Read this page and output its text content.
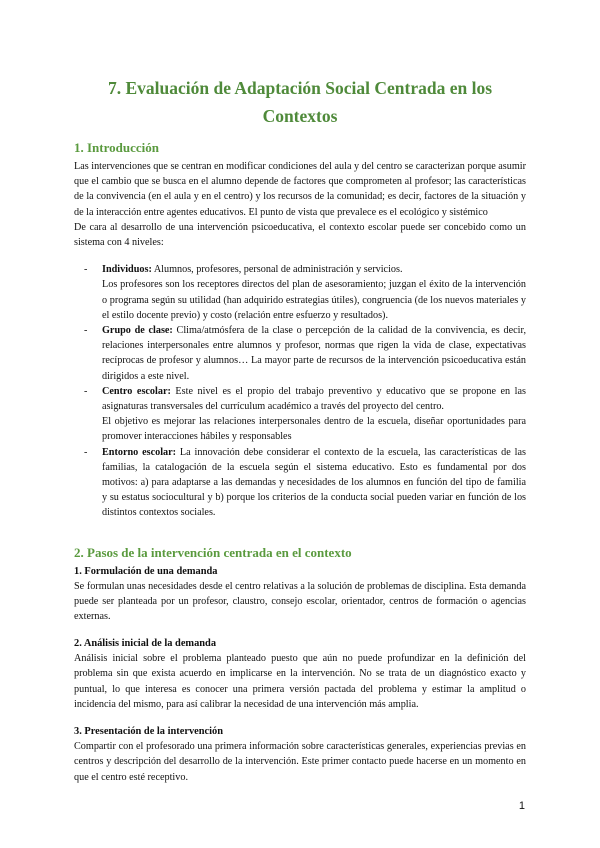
7. Evaluación de Adaptación Social Centrada en los
Contextos
1. Introducción

Las intervenciones que se centran en modificar condiciones del aula y del centro se caracterizan porque asumir que el cambio que se busca en el alumno depende de factores que comprometen al profesor; las características de la convivencia (en el aula y en el centro) y los recursos de la comunidad; es decir, factores de la situación y de la interacción entre agentes educativos. El punto de vista que prevalece es el ecológico y sistémico

De cara al desarrollo de una intervención psicoeducativa, el contexto escolar puede ser concebido como un sistema con 4 niveles:

- Individuos: Alumnos, profesores, personal de administración y servicios.
Los profesores son los receptores directos del plan de asesoramiento; juzgan el éxito de la intervención o programa según su utilidad (han adquirido estrategias útiles), congruencia (de los nuevos materiales y el estilo docente previo) y costo (relación entre esfuerzo y resultados).
- Grupo de clase: Clima/atmósfera de la clase o percepción de la calidad de la convivencia, es decir, relaciones interpersonales entre alumnos y profesor, normas que rigen la vida de clase, expectativas recíprocas de profesor y alumnos… La mayor parte de recursos de la intervención psicoeducativa están dirigidos a este nivel.
- Centro escolar: Este nivel es el propio del trabajo preventivo y educativo que se propone en las asignaturas transversales del currículum académico a través del proyecto del centro.
El objetivo es mejorar las relaciones interpersonales dentro de la escuela, diseñar oportunidades para promover interacciones hábiles y responsables
- Entorno escolar: La innovación debe considerar el contexto de la escuela, las características de las familias, la catalogación de la escuela según el sistema educativo. Esto es fundamental por dos motivos: a) para adaptarse a las demandas y necesidades de los alumnos en función del tipo de familia y su estatus sociocultural y b) porque los criterios de la conducta social pueden variar en función de los distintos contextos sociales.
2. Pasos de la intervención centrada en el contexto
1. Formulación de una demanda

Se formulan unas necesidades desde el centro relativas a la solución de problemas de disciplina. Esta demanda puede ser planteada por un profesor, claustro, consejo escolar, orientador, centros de formación o agencias externas.

2. Análisis inicial de la demanda

Análisis inicial sobre el problema planteado puesto que aún no puede profundizar en la definición del problema sin que exista acuerdo en implicarse en la intervención. No se trata de un diagnóstico exacto y puntual, lo que interesa es conocer una primera versión pactada del problema y estimar la amplitud o incidencia del mismo, para así calibrar la necesidad de una intervención más amplia.

3. Presentación de la intervención

Compartir con el profesorado una primera información sobre características generales, experiencias previas en centros y descripción del desarrollo de la intervención. Este primer contacto puede hacerse en un momento en que el centro esté receptivo.

1
